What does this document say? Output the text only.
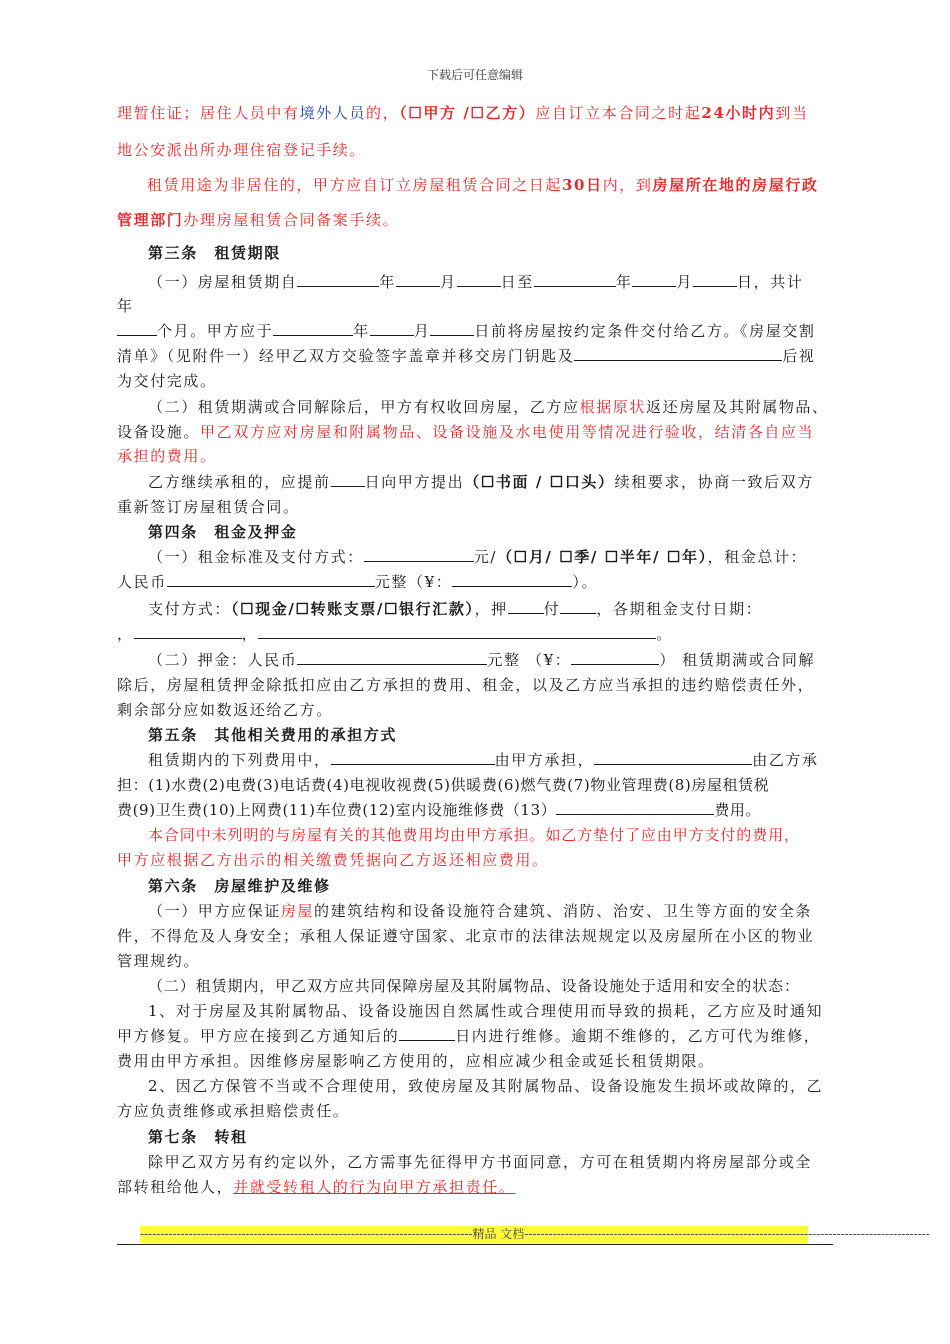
下载后可任意编辑
理暂住证；居住人员中有境外人员的，（☐甲方 /☐乙方）应自订立本合同之时起24小时内到当
地公安派出所办理住宿登记手续。
租赁用途为非居住的，甲方应自订立房屋租赁合同之日起30日内，到房屋所在地的房屋行政
管理部门办理房屋租赁合同备案手续。
第三条　租赁期限
（一）房屋租赁期自	年	月	日至	年	月	日，共计
年
个月。甲方应于	年	月	日前将房屋按约定条件交付给乙方。《房屋交割
清单》（见附件一）经甲乙双方交验签字盖章并移交房门钥匙及	后视
为交付完成。
（二）租赁期满或合同解除后，甲方有权收回房屋，乙方应根据原状返还房屋及其附属物品、
设备设施。甲乙双方应对房屋和附属物品、设备设施及水电使用等情况进行验收，结清各自应当
承担的费用。
乙方继续承租的，应提前 日向甲方提出（☐书面 / ☐口头）续租要求，协商一致后双方
重新签订房屋租赁合同。
第四条　租金及押金
（一）租金标准及支付方式：	元/（☐月/ ☐季/ ☐半年/ ☐年），租金总计：
人民币	元整（¥：	）。
支付方式：（☐现金/☐转账支票/☐银行汇款），押 付 ，各期租金支付日期：
，	，	。
（二）押金：人民币	元整 （¥：	） 租赁期满或合同解
除后，房屋租赁押金除抵扣应由乙方承担的费用、租金，以及乙方应当承担的违约赔偿责任外，
剩余部分应如数返还给乙方。
第五条　其他相关费用的承担方式
租赁期内的下列费用中，	由甲方承担，	由乙方承
担：(1)水费(2)电费(3)电话费(4)电视收视费(5)供暖费(6)燃气费(7)物业管理费(8)房屋租赁税
费(9)卫生费(10)上网费(11)车位费(12)室内设施维修费（13）	费用。
本合同中未列明的与房屋有关的其他费用均由甲方承担。如乙方垫付了应由甲方支付的费用，
甲方应根据乙方出示的相关缴费凭据向乙方返还相应费用。
第六条　房屋维护及维修
（一）甲方应保证房屋的建筑结构和设备设施符合建筑、消防、治安、卫生等方面的安全条
件，不得危及人身安全；承租人保证遵守国家、北京市的法律法规规定以及房屋所在小区的物业
管理规约。
（二）租赁期内，甲乙双方应共同保障房屋及其附属物品、设备设施处于适用和安全的状态：
1、对于房屋及其附属物品、设备设施因自然属性或合理使用而导致的损耗，乙方应及时通知
甲方修复。甲方应在接到乙方通知后的	日内进行维修。逾期不维修的，乙方可代为维修，
费用由甲方承担。因维修房屋影响乙方使用的，应相应减少租金或延长租赁期限。
2、因乙方保管不当或不合理使用，致使房屋及其附属物品、设备设施发生损坏或故障的，乙
方应负责维修或承担赔偿责任。
第七条　转租
除甲乙双方另有约定以外，乙方需事先征得甲方书面同意，方可在租赁期内将房屋部分或全
部转租给他人，并就受转租人的行为向甲方承担责任。
----------------------------------------------------------------------------------精品 文档----------------------------------------------------------------------------------------------------
